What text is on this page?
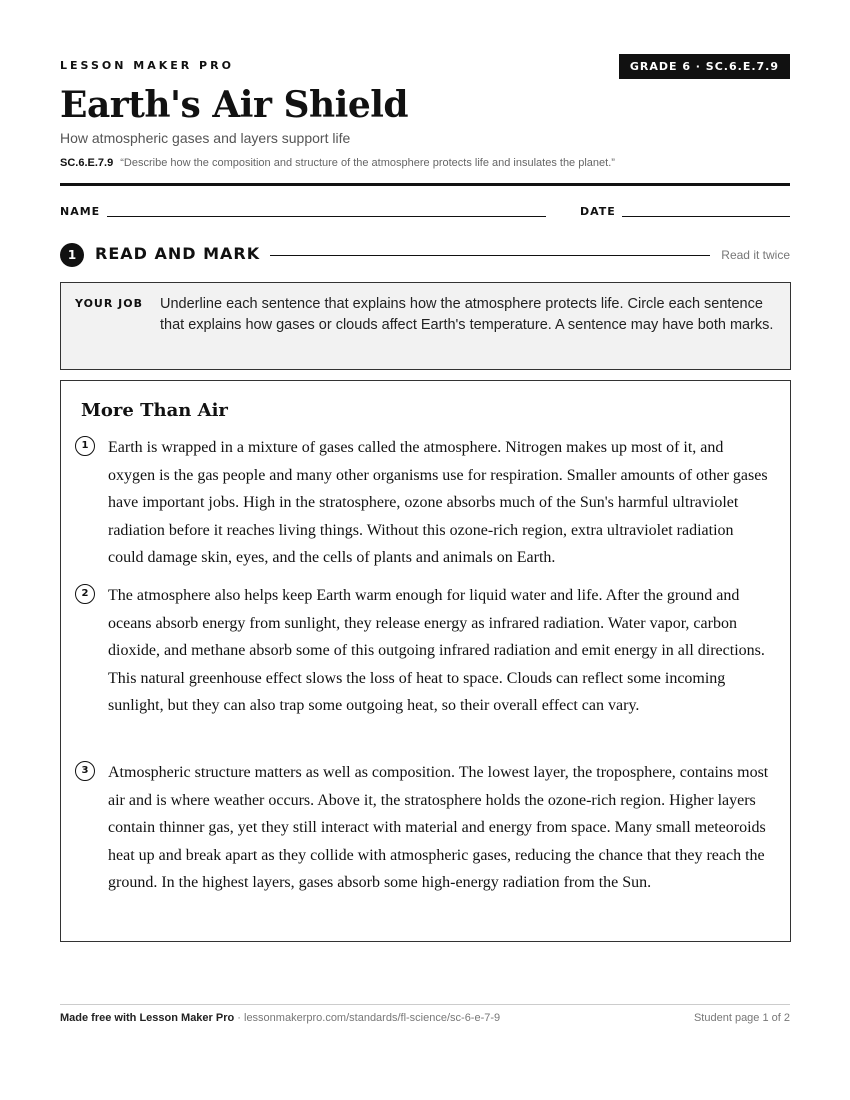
LESSON MAKER PRO	GRADE 6 · SC.6.E.7.9
Earth's Air Shield
How atmospheric gases and layers support life
SC.6.E.7.9 “Describe how the composition and structure of the atmosphere protects life and insulates the planet.”
NAME	DATE
1	READ AND MARK	Read it twice
YOUR JOB Underline each sentence that explains how the atmosphere protects life. Circle each sentence that explains how gases or clouds affect Earth's temperature. A sentence may have both marks.
More Than Air
1	Earth is wrapped in a mixture of gases called the atmosphere. Nitrogen makes up most of it, and oxygen is the gas people and many other organisms use for respiration. Smaller amounts of other gases have important jobs. High in the stratosphere, ozone absorbs much of the Sun's harmful ultraviolet radiation before it reaches living things. Without this ozone-rich region, extra ultraviolet radiation could damage skin, eyes, and the cells of plants and animals on Earth.

2	The atmosphere also helps keep Earth warm enough for liquid water and life. After the ground and oceans absorb energy from sunlight, they release energy as infrared radiation. Water vapor, carbon dioxide, and methane absorb some of this outgoing infrared radiation and emit energy in all directions. This natural greenhouse effect slows the loss of heat to space. Clouds can reflect some incoming sunlight, but they can also trap some outgoing heat, so their overall effect can vary.

3	Atmospheric structure matters as well as composition. The lowest layer, the troposphere, contains most air and is where weather occurs. Above it, the stratosphere holds the ozone-rich region. Higher layers contain thinner gas, yet they still interact with material and energy from space. Many small meteoroids heat up and break apart as they collide with atmospheric gases, reducing the chance that they reach the ground. In the highest layers, gases absorb some high-energy radiation from the Sun.

Made free with Lesson Maker Pro · lessonmakerpro.com/standards/fl-science/sc-6-e-7-9	Student page 1 of 2
